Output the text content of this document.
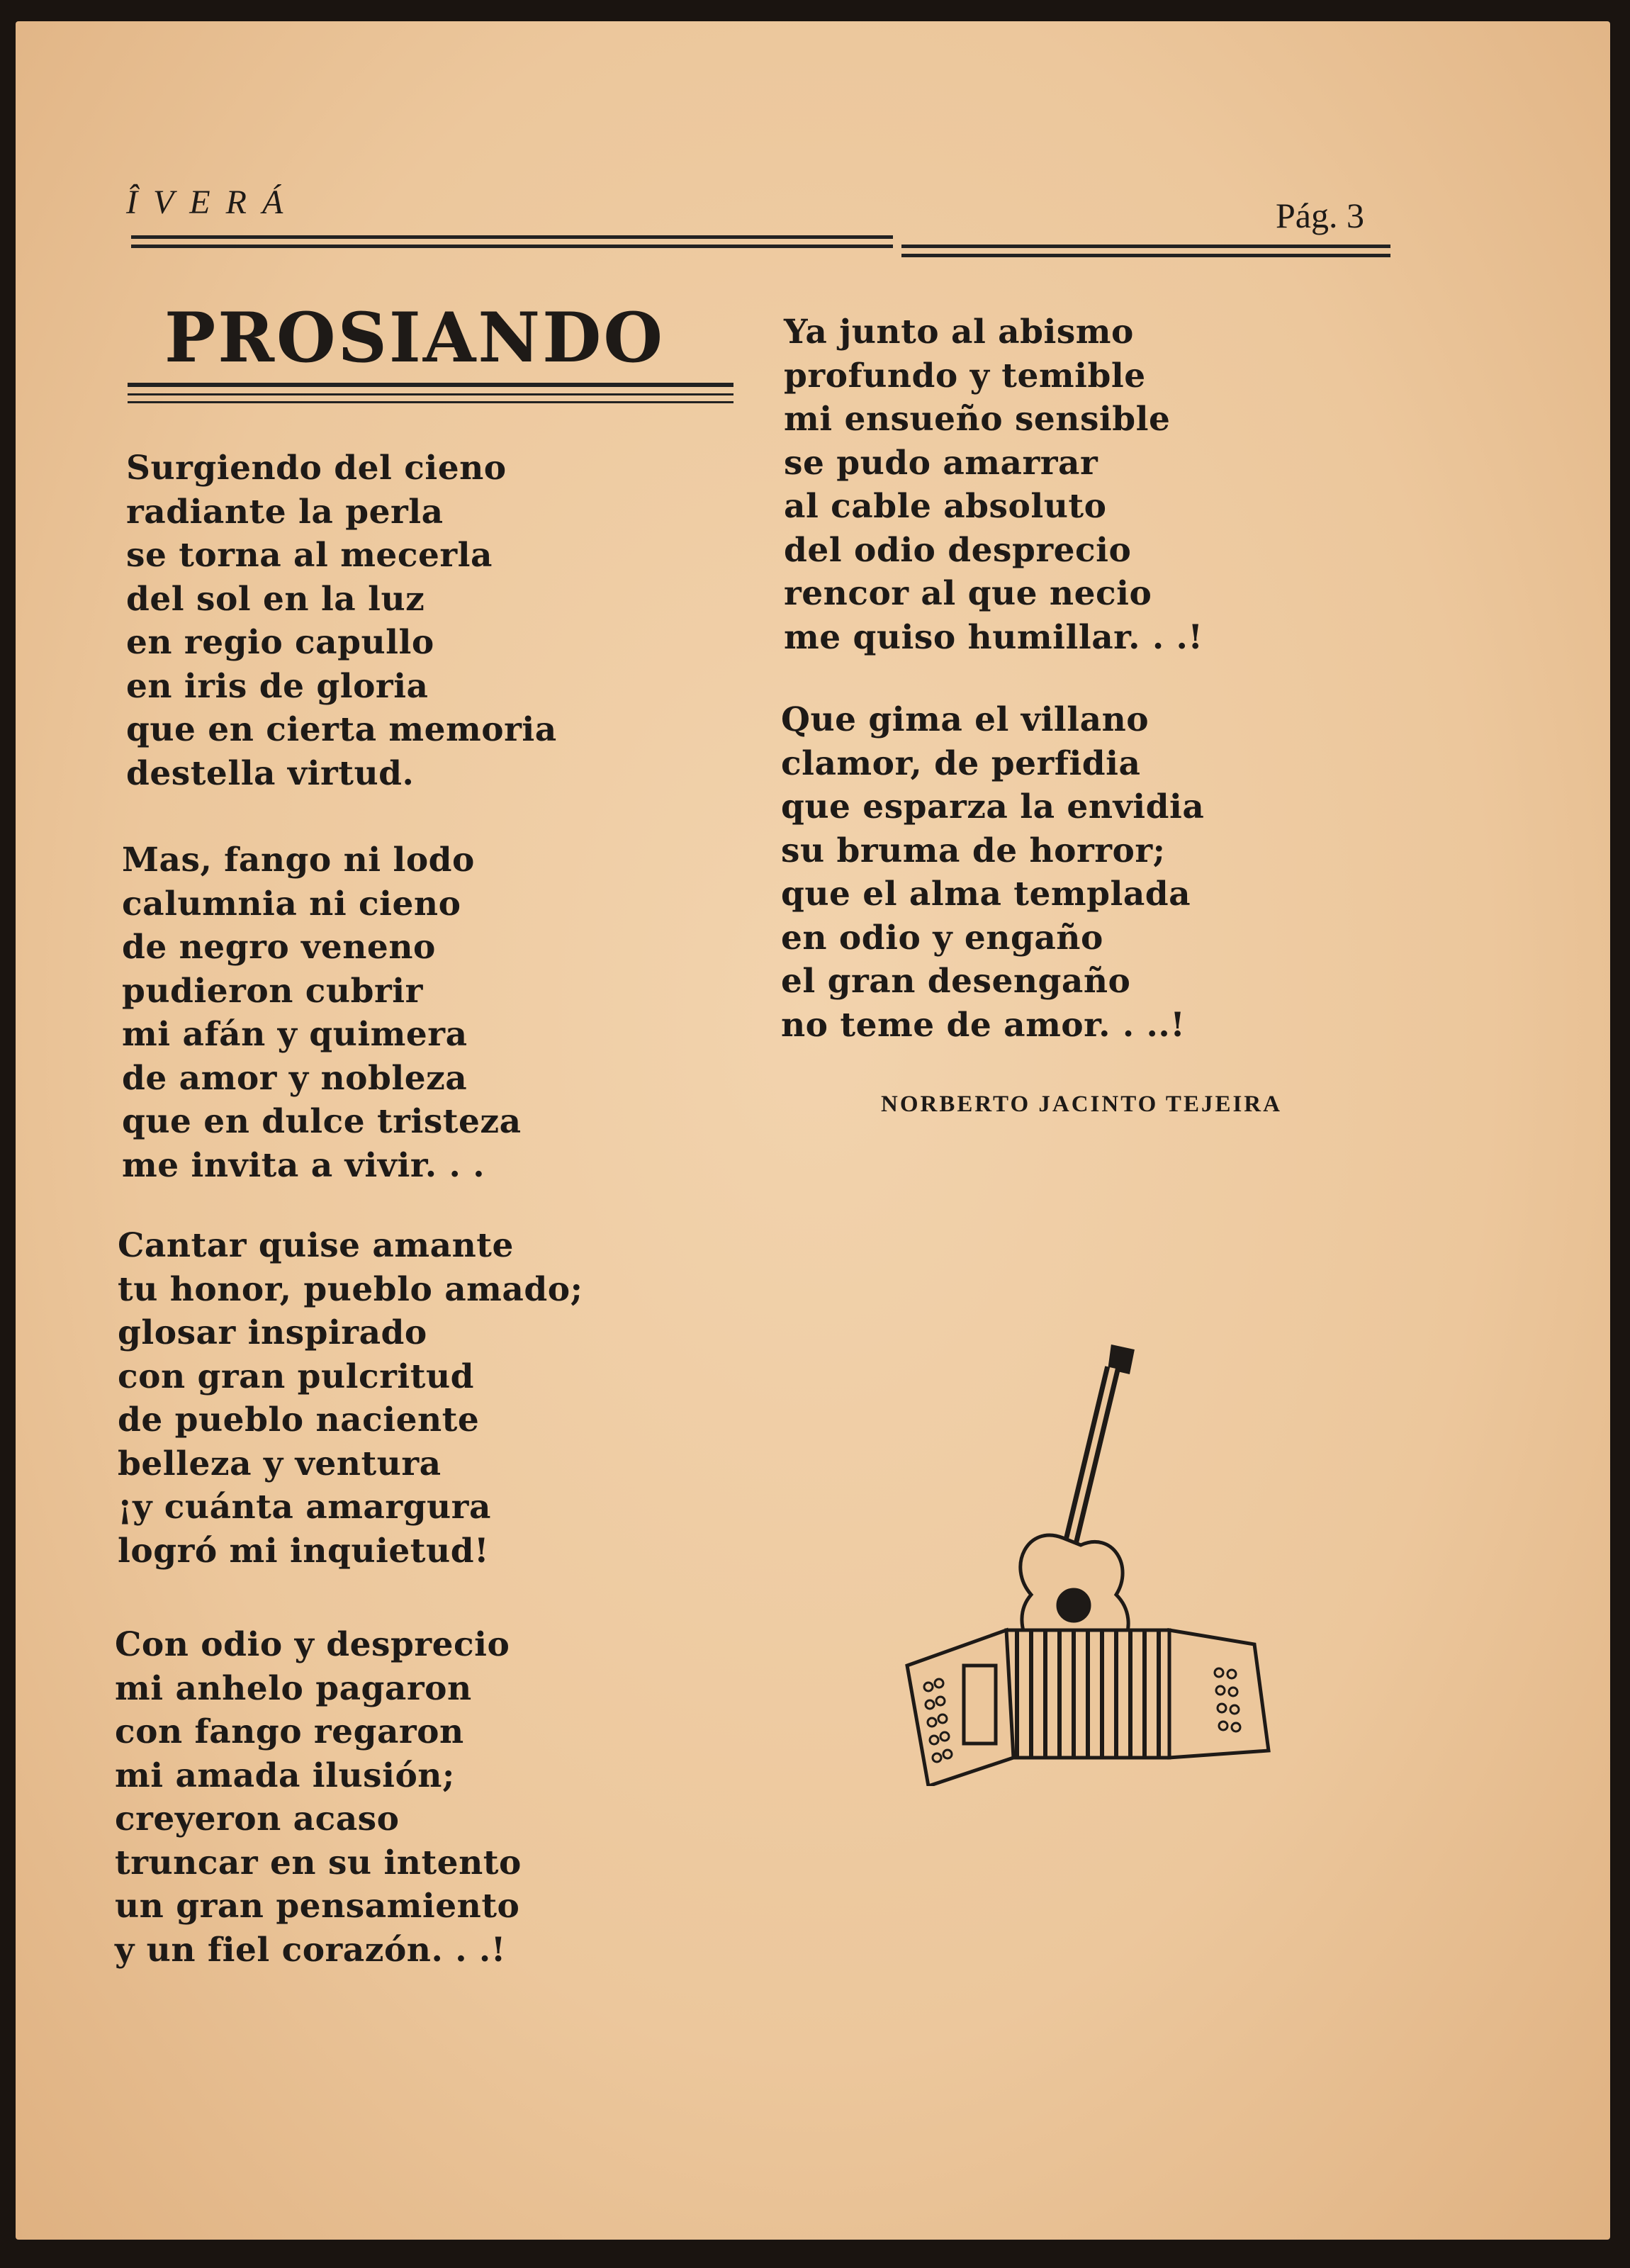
ÎVERÁ	Pág. 3
PROSIANDO
Surgiendo del cieno
radiante la perla
se torna al mecerla
del sol en la luz
en regio capullo
en iris de gloria
que en cierta memoria
destella virtud.
Mas, fango ni lodo
calumnia ni cieno
de negro veneno
pudieron cubrir
mi afán y quimera
de amor y nobleza
que en dulce tristeza
me invita a vivir. . .
Cantar quise amante
tu honor, pueblo amado;
glosar inspirado
con gran pulcritud
de pueblo naciente
belleza y ventura
¡y cuánta amargura
logró mi inquietud!
Con odio y desprecio
mi anhelo pagaron
con fango regaron
mi amada ilusión;
creyeron acaso
truncar en su intento
un gran pensamiento
y un fiel corazón. . .!
Ya junto al abismo
profundo y temible
mi ensueño sensible
se pudo amarrar
al cable absoluto
del odio desprecio
rencor al que necio
me quiso humillar. . .!
Que gima el villano
clamor, de perfidia
que esparza la envidia
su bruma de horror;
que el alma templada
en odio y engaño
el gran desengaño
no teme de amor. . ..!
NORBERTO JACINTO TEJEIRA
